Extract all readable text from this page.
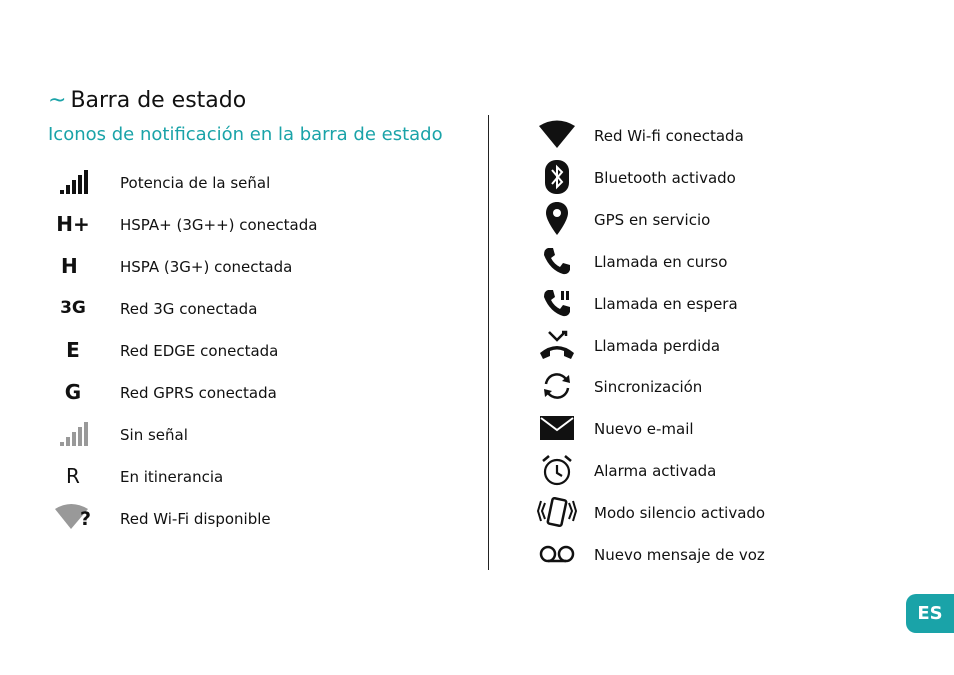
~ Barra de estado
Iconos de notificación en la barra de estado
Potencia de la señal
H+ HSPA+ (3G++) conectada
H	HSPA (3G+) conectada
3G Red 3G conectada
E	Red EDGE conectada
G	Red GPRS conectada
Sin señal
R	En itinerancia
? Red Wi-Fi disponible
Red Wi-fi conectada
Bluetooth activado
GPS en servicio
Llamada en curso
Llamada en espera
Llamada perdida
Sincronización
Nuevo e-mail
Alarma activada
Modo silencio activado
Nuevo mensaje de voz
ES
